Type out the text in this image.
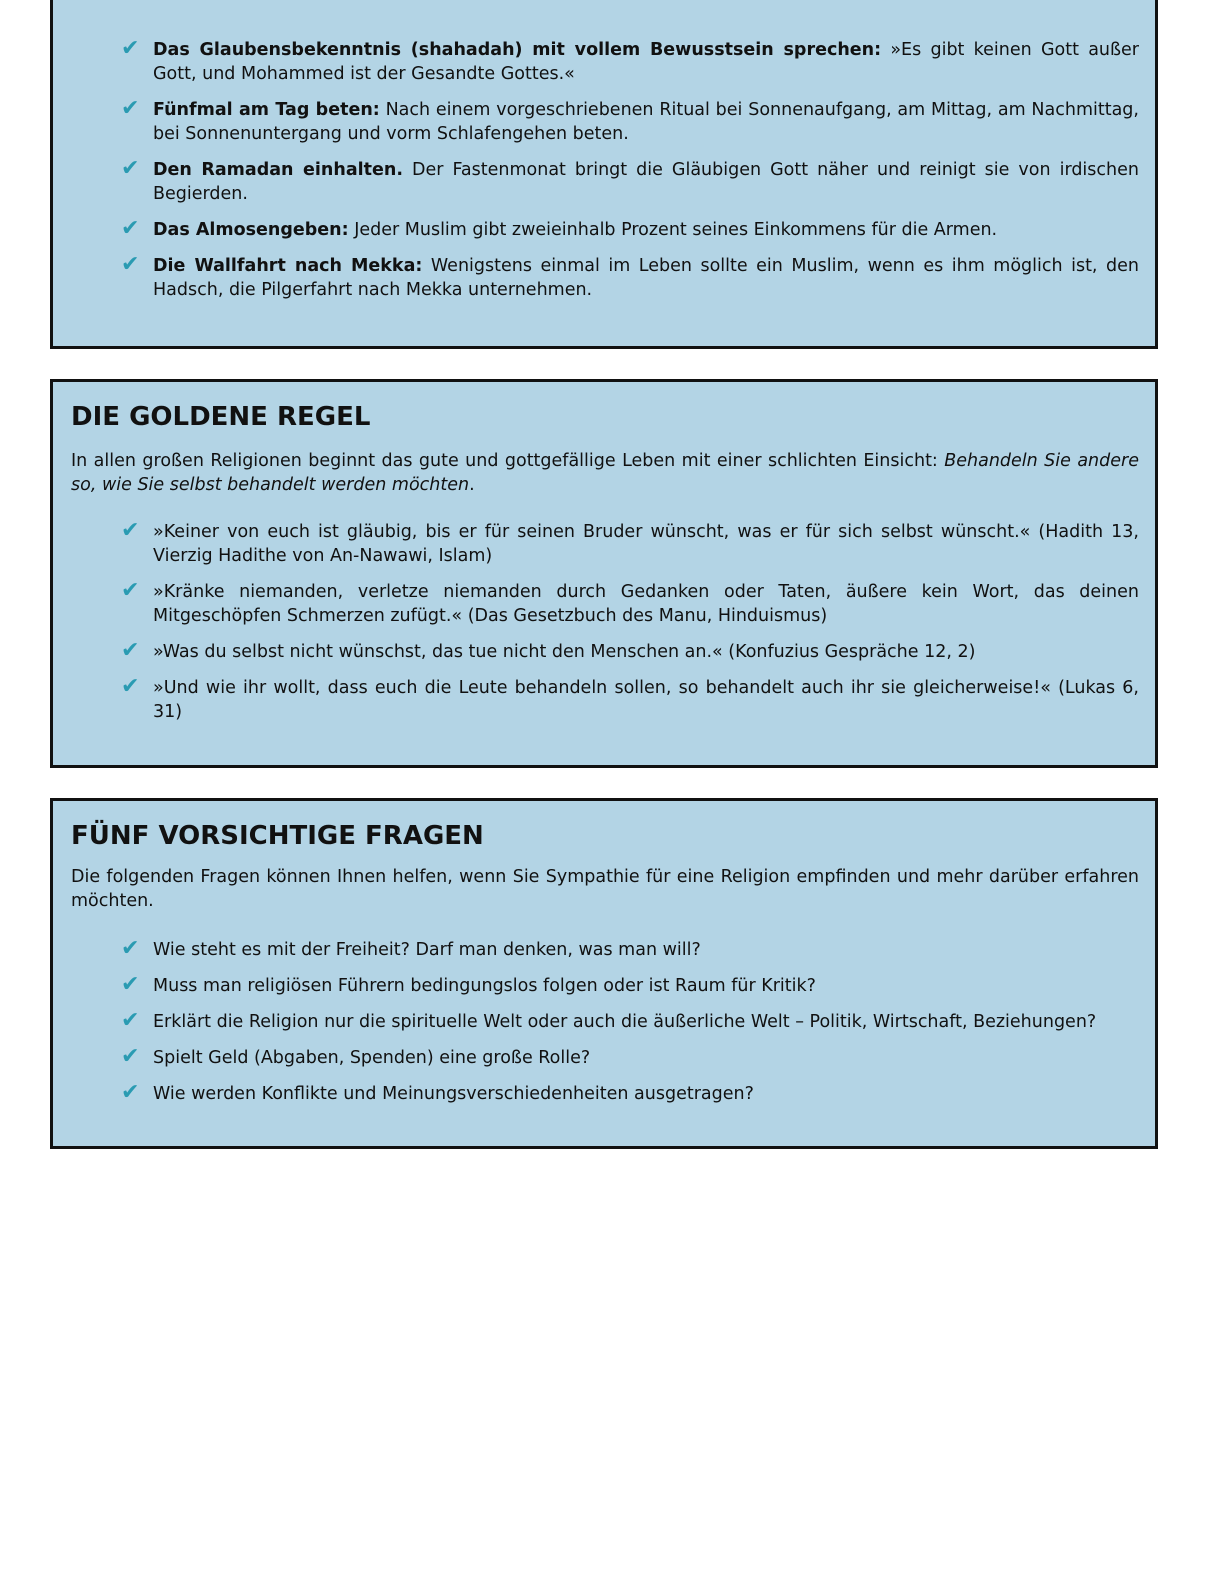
✔ Das Glaubensbekenntnis (shahadah) mit vollem Bewusstsein sprechen: »Es gibt keinen Gott außer Gott, und Mohammed ist der Gesandte Gottes.«
✔ Fünfmal am Tag beten: Nach einem vorgeschriebenen Ritual bei Sonnenaufgang, am Mittag, am Nachmittag, bei Sonnenuntergang und vorm Schlafengehen beten.
✔ Den Ramadan einhalten. Der Fastenmonat bringt die Gläubigen Gott näher und reinigt sie von irdischen Begierden.
✔ Das Almosengeben: Jeder Muslim gibt zweieinhalb Prozent seines Einkommens für die Armen.
✔ Die Wallfahrt nach Mekka: Wenigstens einmal im Leben sollte ein Muslim, wenn es ihm möglich ist, den Hadsch, die Pilgerfahrt nach Mekka unternehmen.
DIE GOLDENE REGEL

In allen großen Religionen beginnt das gute und gottgefällige Leben mit einer schlichten Einsicht: Behandeln Sie andere so, wie Sie selbst behandelt werden möchten.

✔ »Keiner von euch ist gläubig, bis er für seinen Bruder wünscht, was er für sich selbst wünscht.« (Hadith 13, Vierzig Hadithe von An-Nawawi, Islam)
✔ »Kränke niemanden, verletze niemanden durch Gedanken oder Taten, äußere kein Wort, das deinen Mitgeschöpfen Schmerzen zufügt.« (Das Gesetzbuch des Manu, Hinduismus)
✔ »Was du selbst nicht wünschst, das tue nicht den Menschen an.« (Konfuzius Gespräche 12, 2)
✔ »Und wie ihr wollt, dass euch die Leute behandeln sollen, so behandelt auch ihr sie gleicherweise!« (Lukas 6, 31)
FÜNF VORSICHTIGE FRAGEN

Die folgenden Fragen können Ihnen helfen, wenn Sie Sympathie für eine Religion empfinden und mehr darüber erfahren möchten.

✔ Wie steht es mit der Freiheit? Darf man denken, was man will?
✔ Muss man religiösen Führern bedingungslos folgen oder ist Raum für Kritik?
✔ Erklärt die Religion nur die spirituelle Welt oder auch die äußerliche Welt – Politik, Wirtschaft, Beziehungen?
✔ Spielt Geld (Abgaben, Spenden) eine große Rolle?
✔ Wie werden Konflikte und Meinungsverschiedenheiten ausgetragen?
